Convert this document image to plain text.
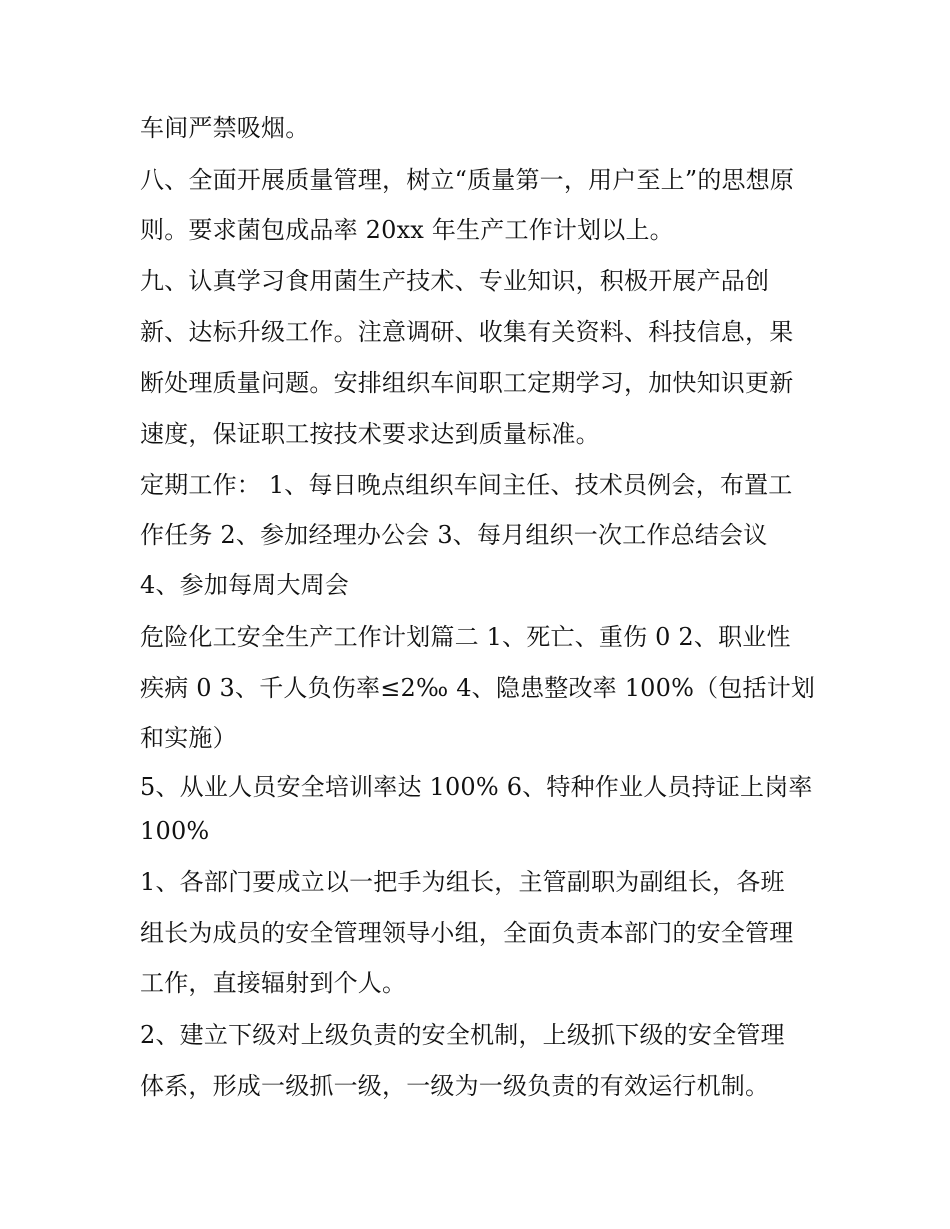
车间严禁吸烟。
八、全面开展质量管理，树立“质量第一，用户至上”的思想原
则。要求菌包成品率 20xx 年生产工作计划以上。
九、认真学习食用菌生产技术、专业知识，积极开展产品创
新、达标升级工作。注意调研、收集有关资料、科技信息，果
断处理质量问题。安排组织车间职工定期学习，加快知识更新
速度，保证职工按技术要求达到质量标准。
定期工作： 1、每日晚点组织车间主任、技术员例会，布置工
作任务 2、参加经理办公会 3、每月组织一次工作总结会议
4、参加每周大周会
危险化工安全生产工作计划篇二 1、死亡、重伤 0 2、职业性
疾病 0 3、千人负伤率≤2‰ 4、隐患整改率 100%（包括计划
和实施）
5、从业人员安全培训率达 100% 6、特种作业人员持证上岗率
100%
1、各部门要成立以一把手为组长，主管副职为副组长，各班
组长为成员的安全管理领导小组，全面负责本部门的安全管理
工作，直接辐射到个人。
2、建立下级对上级负责的安全机制，上级抓下级的安全管理
体系，形成一级抓一级，一级为一级负责的有效运行机制。
